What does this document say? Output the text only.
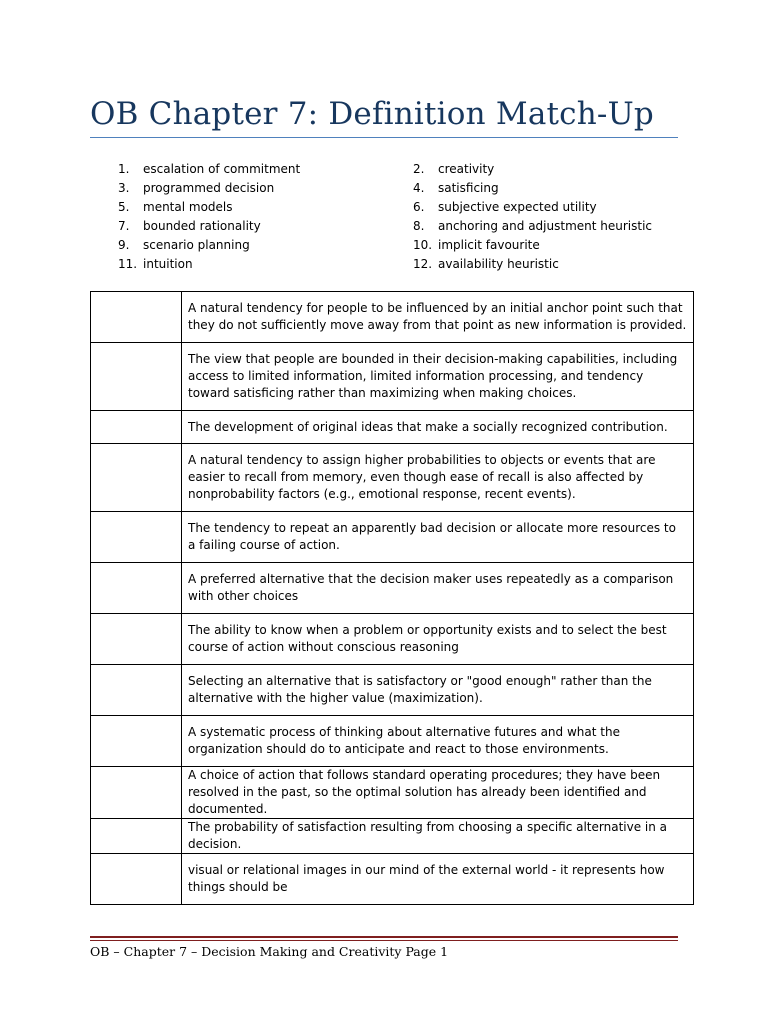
OB Chapter 7: Definition Match-Up
1.	escalation of commitment
3.	programmed decision
5.	mental models
7.	bounded rationality
9.	scenario planning
11. intuition
2.	creativity
4.	satisficing
6.	subjective expected utility
8.	anchoring and adjustment heuristic
10. implicit favourite
12. availability heuristic
	A natural tendency for people to be influenced by an initial anchor point such that they do not sufficiently move away from that point as new information is provided.
	The view that people are bounded in their decision-making capabilities, including access to limited information, limited information processing, and tendency toward satisficing rather than maximizing when making choices.
	The development of original ideas that make a socially recognized contribution.
	A natural tendency to assign higher probabilities to objects or events that are easier to recall from memory, even though ease of recall is also affected by nonprobability factors (e.g., emotional response, recent events).
	The tendency to repeat an apparently bad decision or allocate more resources to a failing course of action.
	A preferred alternative that the decision maker uses repeatedly as a comparison with other choices
	The ability to know when a problem or opportunity exists and to select the best course of action without conscious reasoning
	Selecting an alternative that is satisfactory or "good enough" rather than the alternative with the higher value (maximization).
	A systematic process of thinking about alternative futures and what the organization should do to anticipate and react to those environments.
	A choice of action that follows standard operating procedures; they have been resolved in the past, so the optimal solution has already been identified and documented.
	The probability of satisfaction resulting from choosing a specific alternative in a decision.
	visual or relational images in our mind of the external world - it represents how things should be
OB – Chapter 7 – Decision Making and Creativity Page 1
